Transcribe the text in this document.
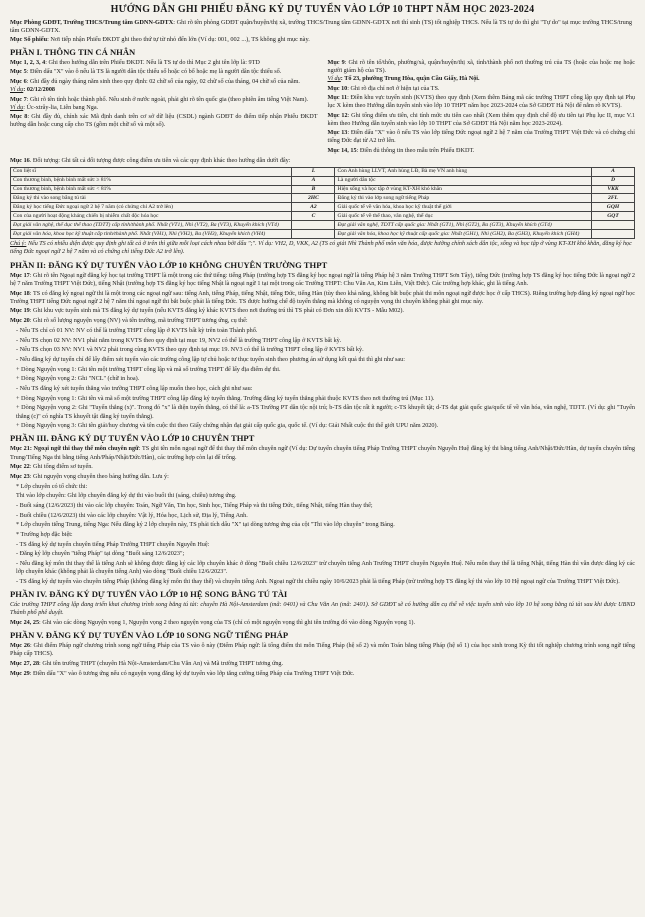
HƯỚNG DẪN GHI PHIẾU ĐĂNG KÝ DỰ TUYỂN VÀO LỚP 10 THPT NĂM HỌC 2023-2024
Mục Phòng GDĐT, Trường THCS/Trung tâm GDNN-GDTX: Ghi rõ tên phòng GDĐT quận/huyện/thị xã, trường THCS/Trung tâm GDNN-GDTX nơi thí sinh (TS) tốt nghiệp THCS. Nếu là TS tự do thì ghi "Tự do" tại mục trường THCS/trung tâm GDNN-GDTX.
Mục Số phiếu: Nơi tiếp nhận Phiếu ĐKDT ghi theo thứ tự từ nhỏ đến lớn (Ví dụ: 001, 002 ...), TS không ghi mục này.
PHẦN I. THÔNG TIN CÁ NHÂN
Mục 1, 2, 3, 4: Ghi theo hướng dẫn trên Phiếu ĐKDT. Nếu là TS tự do thì Mục 2 ghi tên lớp là: 9TD
Mục 5: Điền dấu "X" vào ô nếu là TS là người dân tộc thiểu số hoặc có bố hoặc mẹ là người dân tộc thiểu số.
Mục 6: Ghi đầy đủ ngày tháng năm sinh theo quy định: 02 chữ số của ngày, 02 chữ số của tháng, 04 chữ số của năm.
Ví dụ: 02/12/2008
Mục 7: Ghi rõ tên tỉnh hoặc thành phố. Nếu sinh ở nước ngoài, phải ghi rõ tên quốc gia (theo phiên âm tiếng Việt Nam).
Ví dụ: Úc-xtrây-lia, Liên bang Nga.
Mục 8: Ghi đầy đủ, chính xác Mã định danh trên cơ sở dữ liệu (CSDL) ngành GDĐT do điểm tiếp nhận Phiếu ĐKDT hướng dẫn hoặc cung cấp cho TS (gồm một chữ số và một số).
Mục 9: Ghi rõ tên tổ/thôn, phường/xã, quận/huyện/thị xã, tỉnh/thành phố nơi thường trú của TS (hoặc của hoặc mẹ hoặc người giám hộ của TS).
Ví dụ: Tổ 23, phường Trung Hòa, quận Cầu Giấy, Hà Nội.
Mục 10: Ghi rõ địa chỉ nơi ở hiện tại của TS.
Mục 11: Điền khu vực tuyển sinh (KVTS) theo quy định (Xem thêm Bảng mã các trường THPT công lập quy định tại Phụ lục X kèm theo Hướng dẫn tuyển sinh vào lớp 10 THPT năm học 2023-2024 của Sở GDĐT Hà Nội để nắm rõ KVTS).
Mục 12: Ghi tổng điểm ưu tiên, chi tính mức ưu tiên cao nhất (Xem thêm quy định chế độ ưu tiên tại Phụ lục II, mục V.1 kèm theo Hướng dẫn tuyển sinh vào lớp 10 THPT của Sở GDĐT Hà Nội năm học 2023-2024).
Mục 13: Điền dấu "X" vào ô nếu TS vào lớp tiếng Đức ngoại ngữ 2 hệ 7 năm của Trường THPT Việt Đức và có chứng chỉ tiếng Đức đạt từ A2 trở lên.
Mục 14, 15: Điền đủ thông tin theo mẫu trên Phiếu ĐKDT.
Mục 16. Đối tượng: Ghi tất cả đối tượng được công điểm ưu tiên và các quy định khác theo hướng dẫn dưới đây:
Con liệt sĩ	L	Con Anh hùng LLVT, Anh hùng LĐ, Bà mẹ VN anh hùng	A
Con thương binh, bệnh binh mất sức ≥ 81%	A	Là người dân tộc	D
Con thương binh, bệnh binh mất sức < 81%	B	Hiện sống và học tập ở vùng KT-XH khó khăn	VKK
Đăng ký thi vào song bằng tú tài	2HC	Đăng ký thi vào lớp song ngữ tiếng Pháp	2FL
Đăng ký học tiếng Đức ngoại ngữ 2 hệ 7 năm (có chứng chỉ A2 trở lên)	A2	Giải quốc tế về văn hóa, khoa học kỹ thuật thể giới	GQH
Con của người hoạt động kháng chiến bị nhiễm chất độc hóa học	C	Giải quốc tế về thể thao, văn nghệ, thể dục	GQT
Đạt giải văn nghệ, thể dục thể thao (TDTT) cấp tỉnh/thành phố. Nhất (VT1), Nhì (VT2), Ba (VT3), Khuyến khích (VT4)		Đạt giải văn nghệ, TDTT cấp quốc gia: Nhất (GT1), Nhì (GT2), Ba (GT3), Khuyến khích (GT4)	
Đạt giải văn hóa, khoa học kỹ thuật cấp tỉnh/thành phố. Nhất (VH1), Nhì (VH2), Ba (VH3), Khuyến khích (VH4)		Đạt giải văn hóa, khoa học kỹ thuật cấp quốc gia: Nhất (GH1), Nhì (GH2), Ba (GH3), Khuyến khích (GH4)	
Chú ý: Nếu TS có nhiều diện được quy định ghi tất cả ở trên thì giữa mỗi loại cách nhau bởi dấu ";". Ví dụ: VH2, D, VKK, A2 (TS có giải Nhì Thành phố môn văn hóa, được hưởng chính sách dân tộc, sống và học tập ở vùng KT-XH khó khăn, đăng ký học tiếng Đức ngoại ngữ 2 hệ 7 năm và có chứng chỉ tiếng Đức A2 trở lên).
PHẦN II: ĐĂNG KÝ DỰ TUYỂN VÀO LỚP 10 KHÔNG CHUYÊN TRƯỜNG THPT
Mục 17: Ghi rõ tên Ngoại ngữ đăng ký học tại trường THPT là một trong các thứ tiếng: tiếng Pháp (trường hợp TS đăng ký học ngoại ngữ là tiếng Pháp hệ 3 năm Trường THPT Sơn Tây), tiếng Đức (trường hợp TS đăng ký học tiếng Đức là ngoại ngữ 2 hệ 7 năm Trường THPT Việt Đức), tiếng Nhật (trường hợp TS đăng ký học tiếng Nhật là ngoại ngữ 1 tại một trong các Trường THPT: Chu Văn An, Kim Liên, Việt Đức). Các trường hợp khác, ghi là tiếng Anh.
Mục 18: TS có đăng ký ngoại ngữ thi là một trong các ngoại ngữ sau: tiếng Anh, tiếng Pháp, tiếng Nhật, tiếng Đức, tiếng Hàn (tùy theo khả năng, không bắt buộc phải thi môn ngoại ngữ được học ở cấp THCS). Riêng trường hợp đăng ký ngoại ngữ học Trường THPT tiếng Đức ngoại ngữ 2 hệ 7 năm thì ngoại ngữ thi bắt buộc phải là tiếng Đức. TS được hưởng chế độ tuyển thẳng mà không có nguyện vọng thi chuyên không phải ghi mục này.
Mục 19: Ghi khu vực tuyển sinh mà TS đăng ký dự tuyển (nếu KVTS đăng ký khác KVTS theo nơi thường trú thì TS phải có Đơn xin đổi KVTS - Mẫu M02).
Mục 20: Ghi rõ số lượng nguyện vọng (NV) và tên trường, mã trường THPT tương ứng, cụ thể:
- Nếu TS chỉ có 01 NV: NV có thể là trường THPT công lập ở KVTS bất kỳ trên toàn Thành phố.
- Nếu TS chọn 02 NV: NV1 phải nằm trong KVTS theo quy định tại mục 19, NV2 có thể là trường THPT công lập ở KVTS bất kỳ.
- Nếu TS chọn 03 NV: NV1 và NV2 phải trong cùng KVTS theo quy định tại mục 19. NV3 có thể là trường THPT công lập ở KVTS bất kỳ.
- Nếu đăng ký dự tuyển chỉ để lấy điểm xét tuyển vào các trường công lập tự chủ hoặc tư thục tuyển sinh theo phương án sử dụng kết quả thi thì ghi như sau:
+ Dòng Nguyện vọng 1: Ghi tên một trường THPT công lập và mã số trường THPT để lấy địa điểm dự thi.
+ Dòng Nguyện vọng 2: Ghi "NCL" (chữ in hoa).
- Nếu TS đăng ký xét tuyển thẳng vào trường THPT công lập muốn theo học, cách ghi như sau:
+ Dòng Nguyện vọng 1: Ghi tên và mã số một trường THPT công lập đăng ký tuyển thẳng. Trường đăng ký tuyển thẳng phải thuộc KVTS theo nơi thường trú (Mục 11).
+ Dòng Nguyện vọng 2: Ghi "Tuyển thẳng (x)". Trong đó "x" là diện tuyển thẳng, có thể là: a-TS Trường PT dân tộc nội trú; b-TS dân tộc rất ít người; c-TS khuyết tật; d-TS đạt giải quốc gia/quốc tế về văn hóa, văn nghệ, TDTT. (Ví dụ: ghi "Tuyển thẳng (c)" có nghĩa TS khuyết tật đăng ký tuyển thẳng).
+ Dòng Nguyện vọng 3: Ghi tên giải/huy chương và tên cuộc thi theo Giấy chứng nhận đạt giải cấp quốc gia, quốc tế. (Ví dụ: Giải Nhất cuộc thi thế giới UPU năm 2020).
PHẦN III. ĐĂNG KÝ DỰ TUYỂN VÀO LỚP 10 CHUYÊN THPT
Mục 21: Ngoại ngữ thi thay thế môn chuyên ngữ: TS ghi tên môn ngoại ngữ để thi thay thế môn chuyên ngữ (Ví dụ: Dự tuyển chuyên tiếng Pháp Trường THPT chuyên Nguyễn Huệ đăng ký thi bằng tiếng Anh/Nhật/Đức/Hàn, dự tuyển chuyên tiếng Trung/Tiếng Nga thi bằng tiếng Anh/Pháp/Nhật/Đức/Hàn), các trường hợp còn lại để trống.
Mục 22: Ghi tổng điểm sơ tuyển.
Mục 23: Ghi nguyện vọng chuyên theo bảng hướng dẫn. Lưu ý:
* Lớp chuyên có tổ chức thi:
Thi vào lớp chuyên: Ghi lớp chuyên đăng ký dự thi vào buổi thi (sáng, chiều) tương ứng.
- Buổi sáng (12/6/2023) thi vào các lớp chuyên: Toán, Ngữ Văn, Tin học, Sinh học, Tiếng Pháp và thi tiếng Đức, tiếng Nhật, tiếng Hàn thay thế;
- Buổi chiều (12/6/2023) thi vào các lớp chuyên: Vật lý, Hóa học, Lịch sử, Địa lý, Tiếng Anh.
* Lớp chuyên tiếng Trung, tiếng Nga: Nếu đăng ký 2 lớp chuyên này, TS phải tích dấu "X" tại dòng tương ứng của cột "Thi vào lớp chuyên" trong Bảng.
* Trường hợp đặc biệt:
- TS đăng ký dự tuyển chuyên tiếng Pháp Trường THPT chuyên Nguyễn Huệ:
- Đăng ký lớp chuyên "tiếng Pháp" tại dòng "Buổi sáng 12/6/2023";
- Nếu đăng ký môn thi thay thế là tiếng Anh sẽ không được đăng ký các lớp chuyên khác ở dòng "Buổi chiều 12/6/2023" trừ chuyên tiếng Anh Trường THPT chuyên Nguyễn Huệ. Nếu môn thay thế là tiếng Nhật, tiếng Hàn thì vẫn được đăng ký các lớp chuyên khác (không phải là chuyên tiếng Anh) vào dòng "Buổi chiều 12/6/2023".
- TS đăng ký dự tuyển vào chuyên tiếng Pháp (không đăng ký môn thi thay thế) và chuyên tiếng Anh. Ngoại ngữ thi chiều ngày 10/6/2023 phải là tiếng Pháp (trừ trường hợp TS đăng ký thi vào lớp 10 Hệ ngoại ngữ của Trường THPT Việt Đức).
PHẦN IV. ĐĂNG KÝ DỰ TUYỂN VÀO LỚP 10 HỆ SONG BẰNG TÚ TÀI
Các trường THPT công lập đang triển khai chương trình song bằng tú tài: chuyên Hà Nội-Amsterdam (mã: 0401) và Chu Văn An (mã: 2401). Sở GDĐT sẽ có hướng dẫn cụ thể về việc tuyển sinh vào lớp 10 hệ song bằng tú tài sau khi được UBND Thành phố phê duyệt.
Mục 24, 25: Ghi vào các dòng Nguyện vọng 1, Nguyện vọng 2 theo nguyện vọng của TS (chỉ có một nguyện vọng thì ghi tên trường đó vào dòng Nguyện vọng 1).
PHẦN V. ĐĂNG KÝ DỰ TUYỂN VÀO LỚP 10 SONG NGỮ TIẾNG PHÁP
Mục 26: Ghi điểm Pháp ngữ chương trình song ngữ tiếng Pháp của TS vào ô này (Điểm Pháp ngữ: là tổng điểm thi môn Tiếng Pháp (hệ số 2) và môn Toán bằng tiếng Pháp (hệ số 1) của học sinh trong Kỳ thi tốt nghiệp chương trình song ngữ tiếng Pháp cấp THCS).
Mục 27, 28: Ghi tên trường THPT (chuyên Hà Nội-Amsterdam/Chu Văn An) và Mã trường THPT tương ứng.
Mục 29: Điền dấu "X" vào ô tương ứng nếu có nguyện vọng đăng ký dự tuyển vào lớp tăng cường tiếng Pháp của Trường THPT Việt Đức.
